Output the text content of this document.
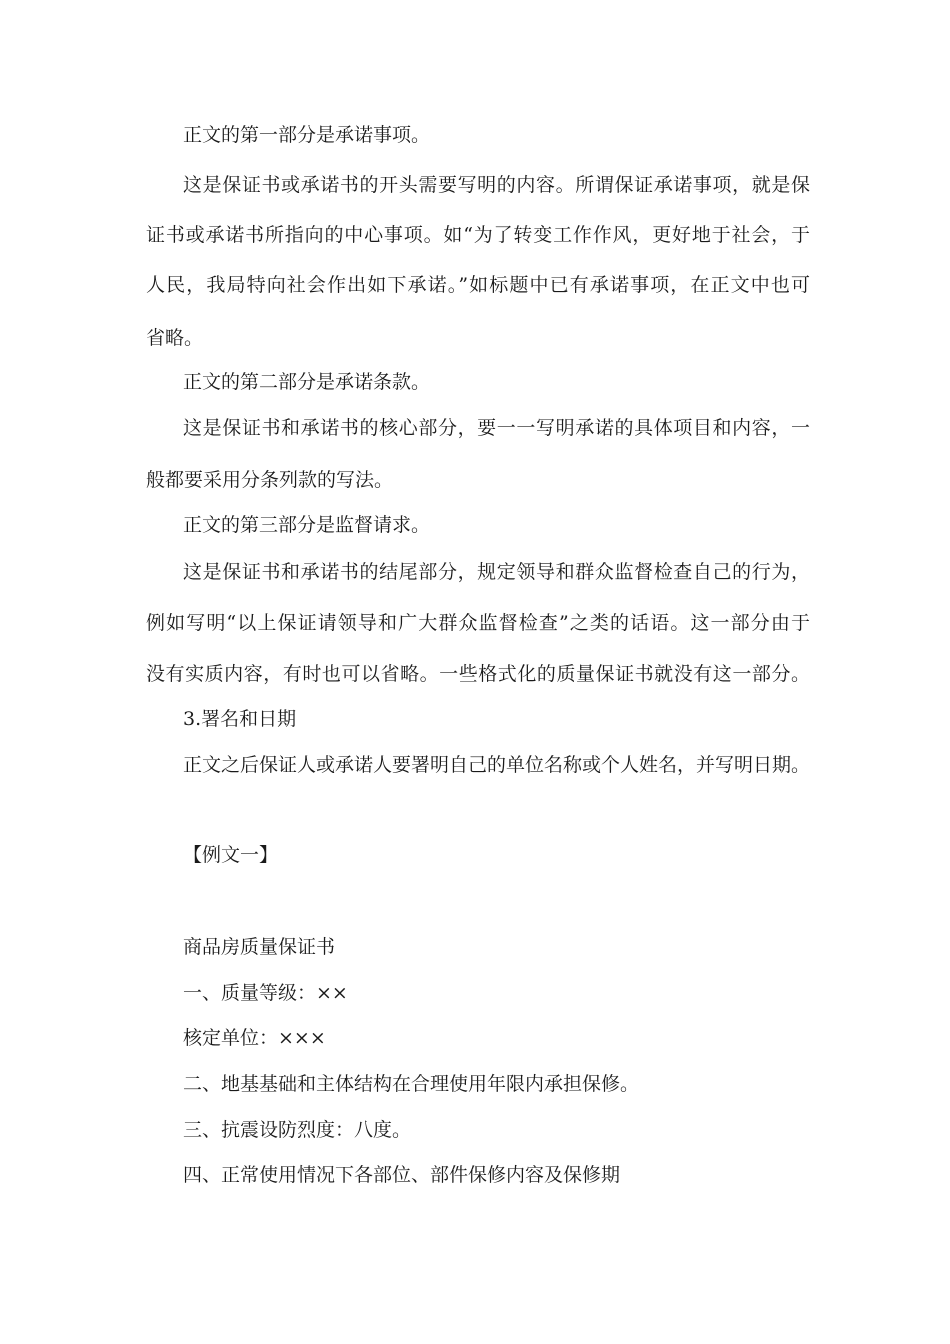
正文的第一部分是承诺事项。
这是保证书或承诺书的开头需要写明的内容。所谓保证承诺事项，就是保
证书或承诺书所指向的中心事项。如“为了转变工作作风，更好地于社会，于
人民，我局特向社会作出如下承诺。”如标题中已有承诺事项，在正文中也可
省略。
正文的第二部分是承诺条款。
这是保证书和承诺书的核心部分，要一一写明承诺的具体项目和内容，一
般都要采用分条列款的写法。
正文的第三部分是监督请求。
这是保证书和承诺书的结尾部分，规定领导和群众监督检查自己的行为，
例如写明“以上保证请领导和广大群众监督检查”之类的话语。这一部分由于
没有实质内容，有时也可以省略。一些格式化的质量保证书就没有这一部分。
3.署名和日期
正文之后保证人或承诺人要署明自己的单位名称或个人姓名，并写明日期。
【例文一】
商品房质量保证书
一、质量等级：××
核定单位：×××
二、地基基础和主体结构在合理使用年限内承担保修。
三、抗震设防烈度：八度。
四、正常使用情况下各部位、部件保修内容及保修期
